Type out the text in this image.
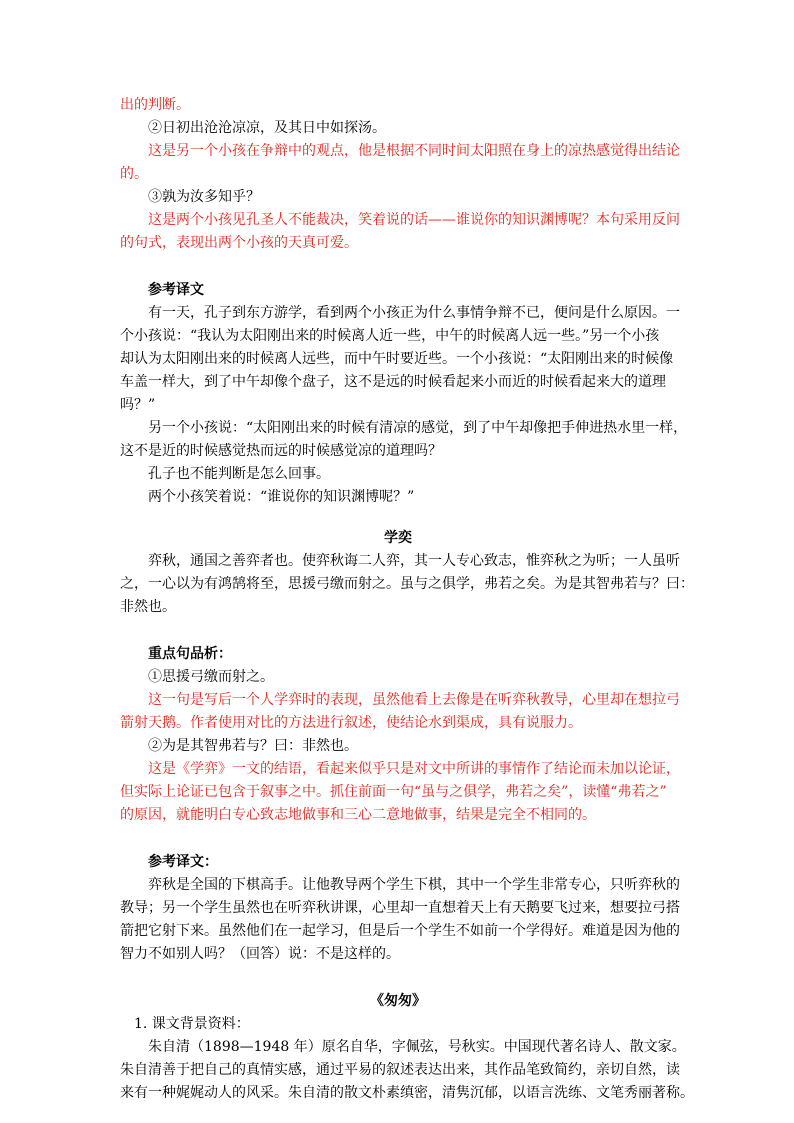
出的判断。
②日初出沧沧凉凉，及其日中如探汤。
这是另一个小孩在争辩中的观点，他是根据不同时间太阳照在身上的凉热感觉得出结论
的。
③孰为汝多知乎？
这是两个小孩见孔圣人不能裁决，笑着说的话——谁说你的知识渊博呢？本句采用反问
的句式，表现出两个小孩的天真可爱。
参考译文
有一天，孔子到东方游学，看到两个小孩正为什么事情争辩不已，便问是什么原因。一
个小孩说：“我认为太阳刚出来的时候离人近一些，中午的时候离人远一些。”另一个小孩
却认为太阳刚出来的时候离人远些，而中午时要近些。一个小孩说：“太阳刚出来的时候像
车盖一样大，到了中午却像个盘子，这不是远的时候看起来小而近的时候看起来大的道理
吗？”
另一个小孩说：“太阳刚出来的时候有清凉的感觉，到了中午却像把手伸进热水里一样，
这不是近的时候感觉热而远的时候感觉凉的道理吗？
孔子也不能判断是怎么回事。
两个小孩笑着说：“谁说你的知识渊博呢？”
学奕
弈秋，通国之善弈者也。使弈秋诲二人弈，其一人专心致志，惟弈秋之为听；一人虽听
之，一心以为有鸿鹄将至，思援弓缴而射之。虽与之俱学，弗若之矣。为是其智弗若与？曰：
非然也。
重点句品析：
①思援弓缴而射之。
这一句是写后一个人学弈时的表现，虽然他看上去像是在听弈秋教导，心里却在想拉弓
箭射天鹅。作者使用对比的方法进行叙述，使结论水到渠成，具有说服力。
②为是其智弗若与？曰：非然也。
这是《学弈》一文的结语，看起来似乎只是对文中所讲的事情作了结论而未加以论证，
但实际上论证已包含于叙事之中。抓住前面一句“虽与之俱学，弗若之矣”，读懂“弗若之”
的原因，就能明白专心致志地做事和三心二意地做事，结果是完全不相同的。
参考译文：
弈秋是全国的下棋高手。让他教导两个学生下棋，其中一个学生非常专心，只听弈秋的
教导；另一个学生虽然也在听弈秋讲课，心里却一直想着天上有天鹅要飞过来，想要拉弓搭
箭把它射下来。虽然他们在一起学习，但是后一个学生不如前一个学得好。难道是因为他的
智力不如别人吗？（回答）说：不是这样的。
《匆匆》
1. 课文背景资料：
朱自清（1898—1948 年）原名自华，字佩弦，号秋实。中国现代著名诗人、散文家。
朱自清善于把自己的真情实感，通过平易的叙述表达出来，其作品笔致简约，亲切自然，读
来有一种娓娓动人的风采。朱自清的散文朴素缜密，清隽沉郁，以语言洗练、文笔秀丽著称。
